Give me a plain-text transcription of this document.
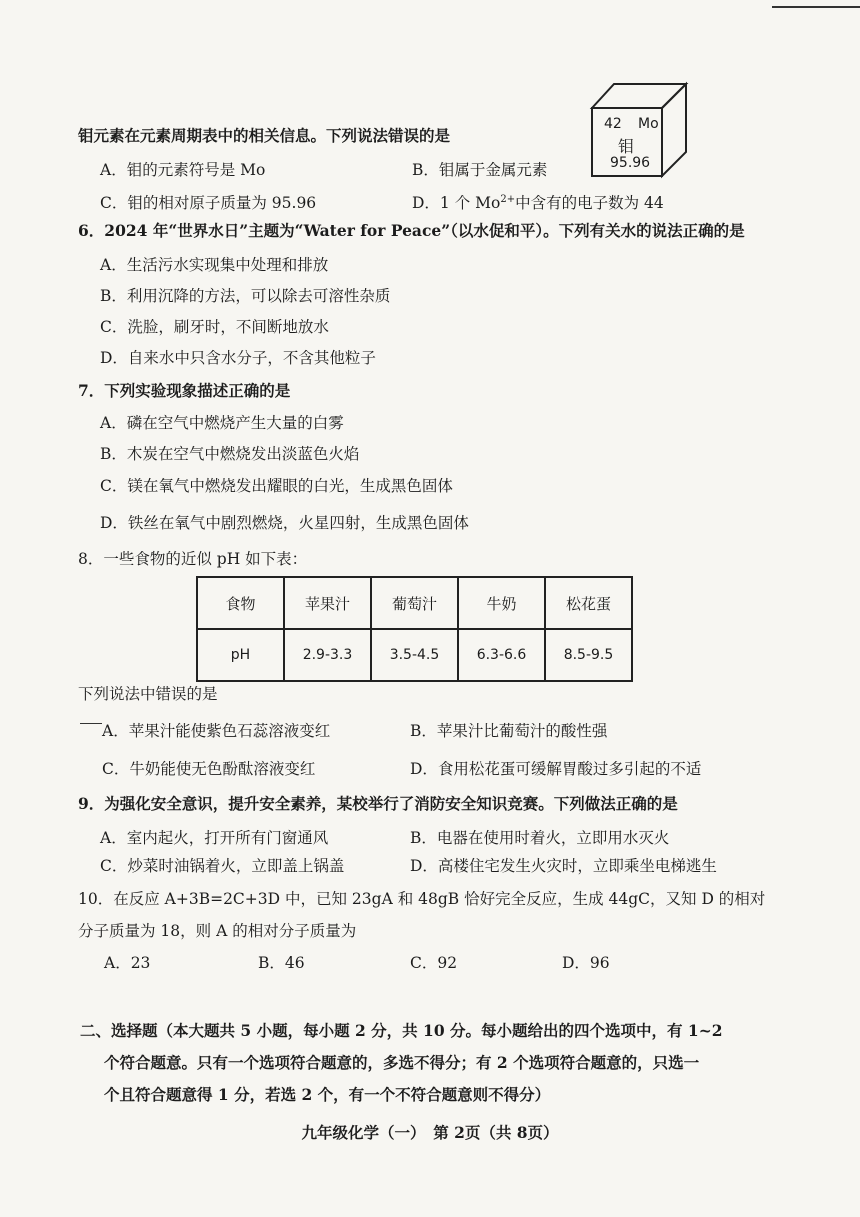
42 Mo
钼
95.96
钼元素在元素周期表中的相关信息。下列说法错误的是
A．钼的元素符号是 Mo	B．钼属于金属元素
C．钼的相对原子质量为 95.96	D．1 个 $Mo^{2+}$中含有的电子数为 44
6．2024 年“世界水日”主题为“Water for Peace”（以水促和平）。下列有关水的说法正确的是
A．生活污水实现集中处理和排放
B．利用沉降的方法，可以除去可溶性杂质
C．洗脸，刷牙时，不间断地放水
D．自来水中只含水分子，不含其他粒子
7．下列实验现象描述正确的是
A．磷在空气中燃烧产生大量的白雾
B．木炭在空气中燃烧发出淡蓝色火焰
C．镁在氧气中燃烧发出耀眼的白光，生成黑色固体
D．铁丝在氧气中剧烈燃烧，火星四射，生成黑色固体
8．一些食物的近似 pH 如下表：
食物	苹果汁	葡萄汁	牛奶	松花蛋
pH	2.9-3.3	3.5-4.5	6.3-6.6	8.5-9.5
下列说法中错误的是
A．苹果汁能使紫色石蕊溶液变红	B．苹果汁比葡萄汁的酸性强
C．牛奶能使无色酚酞溶液变红	D．食用松花蛋可缓解胃酸过多引起的不适
9．为强化安全意识，提升安全素养，某校举行了消防安全知识竞赛。下列做法正确的是
A．室内起火，打开所有门窗通风	B．电器在使用时着火，立即用水灭火
C．炒菜时油锅着火，立即盖上锅盖	D．高楼住宅发生火灾时，立即乘坐电梯逃生
10．在反应 A+3B=2C+3D 中，已知 23gA 和 48gB 恰好完全反应，生成 44gC，又知 D 的相对
分子质量为 18，则 A 的相对分子质量为
A．23	B．46	C．92	D．96
二、选择题（本大题共 5 小题，每小题 2 分，共 10 分。每小题给出的四个选项中，有 1~2
个符合题意。只有一个选项符合题意的，多选不得分；有 2 个选项符合题意的，只选一
个且符合题意得 1 分，若选 2 个，有一个不符合题意则不得分）
九年级化学（一）　第 2页（共 8页）
